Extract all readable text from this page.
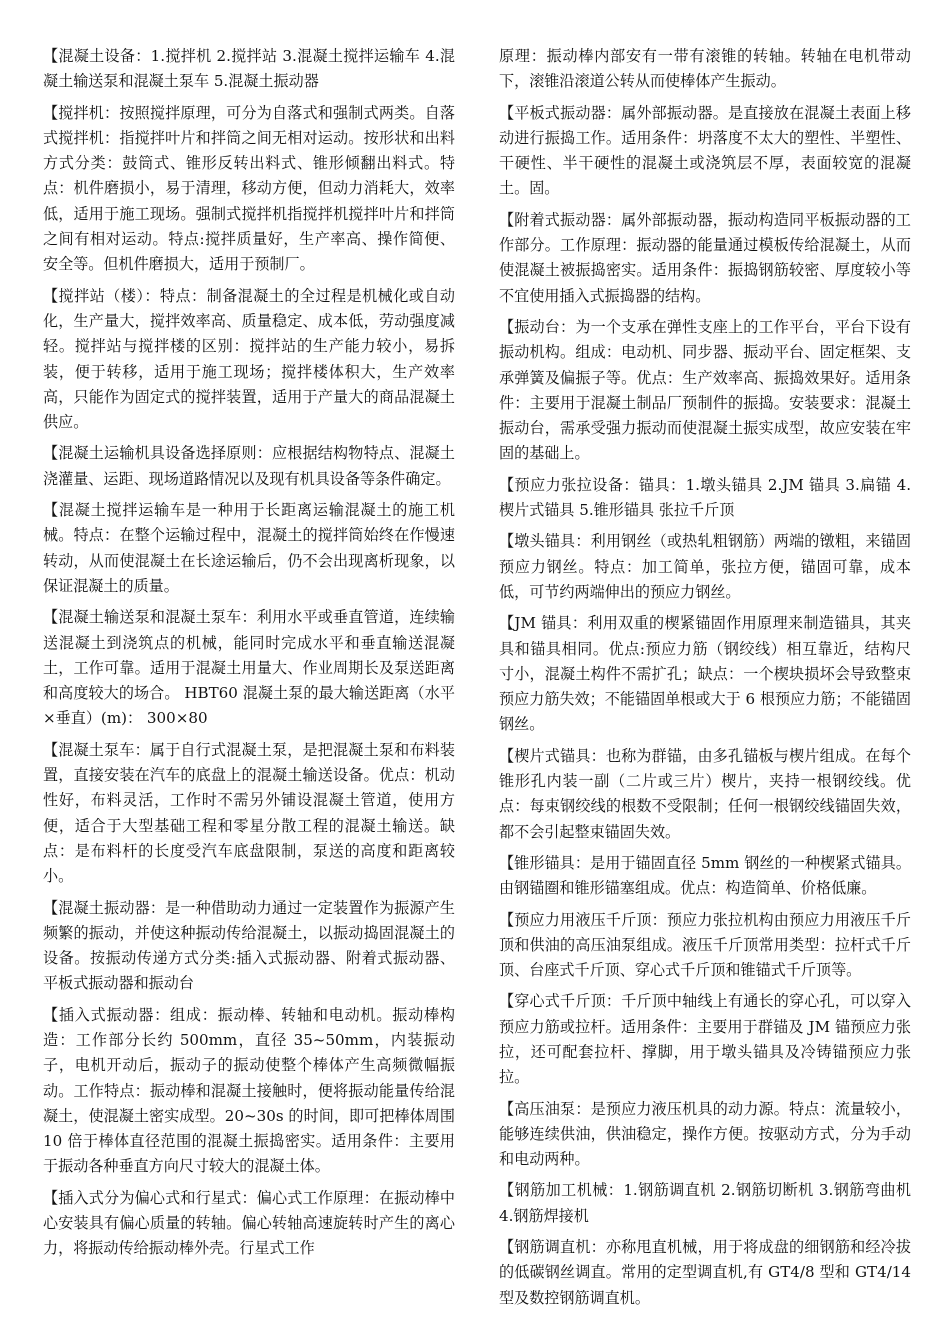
【混凝土设备：1.搅拌机 2.搅拌站 3.混凝土搅拌运输车 4.混凝土输送泵和混凝土泵车 5.混凝土振动器

【搅拌机：按照搅拌原理，可分为自落式和强制式两类。自落式搅拌机：指搅拌叶片和拌筒之间无相对运动。按形状和出料方式分类：鼓筒式、锥形反转出料式、锥形倾翻出料式。特点：机件磨损小，易于清理，移动方便，但动力消耗大，效率低，适用于施工现场。强制式搅拌机指搅拌机搅拌叶片和拌筒之间有相对运动。特点:搅拌质量好，生产率高、操作简便、安全等。但机件磨损大，适用于预制厂。

【搅拌站（楼）：特点：制备混凝土的全过程是机械化或自动化，生产量大，搅拌效率高、质量稳定、成本低，劳动强度减轻。搅拌站与搅拌楼的区别：搅拌站的生产能力较小，易拆装，便于转移，适用于施工现场；搅拌楼体积大，生产效率高，只能作为固定式的搅拌装置，适用于产量大的商品混凝土供应。

【混凝土运输机具设备选择原则：应根据结构物特点、混凝土浇灌量、运距、现场道路情况以及现有机具设备等条件确定。

【混凝土搅拌运输车是一种用于长距离运输混凝土的施工机械。特点：在整个运输过程中，混凝土的搅拌筒始终在作慢速转动，从而使混凝土在长途运输后，仍不会出现离析现象，以保证混凝土的质量。

【混凝土输送泵和混凝土泵车：利用水平或垂直管道，连续输送混凝土到浇筑点的机械，能同时完成水平和垂直输送混凝土，工作可靠。适用于混凝土用量大、作业周期长及泵送距离和高度较大的场合。 HBT60 混凝土泵的最大输送距离（水平×垂直）(m)： 300×80

【混凝土泵车：属于自行式混凝土泵，是把混凝土泵和布料装置，直接安装在汽车的底盘上的混凝土输送设备。优点：机动性好，布料灵活，工作时不需另外铺设混凝土管道，使用方便，适合于大型基础工程和零星分散工程的混凝土输送。缺点：是布料杆的长度受汽车底盘限制，泵送的高度和距离较小。

【混凝土振动器：是一种借助动力通过一定装置作为振源产生频繁的振动，并使这种振动传给混凝土，以振动捣固混凝土的设备。按振动传递方式分类:插入式振动器、附着式振动器、平板式振动器和振动台

【插入式振动器：组成：振动棒、转轴和电动机。振动棒构造：工作部分长约 500mm，直径 35~50mm，内装振动子，电机开动后，振动子的振动使整个棒体产生高频微幅振动。工作特点：振动棒和混凝土接触时，便将振动能量传给混凝土，使混凝土密实成型。20~30s 的时间，即可把棒体周围 10 倍于棒体直径范围的混凝土振捣密实。适用条件：主要用于振动各种垂直方向尺寸较大的混凝土体。

【插入式分为偏心式和行星式：偏心式工作原理：在振动棒中心安装具有偏心质量的转轴。偏心转轴高速旋转时产生的离心力，将振动传给振动棒外壳。行星式工作

原理：振动棒内部安有一带有滚锥的转轴。转轴在电机带动下，滚锥沿滚道公转从而使棒体产生振动。

【平板式振动器：属外部振动器。是直接放在混凝土表面上移动进行振捣工作。适用条件：坍落度不太大的塑性、半塑性、干硬性、半干硬性的混凝土或浇筑层不厚，表面较宽的混凝土。固。

【附着式振动器：属外部振动器，振动构造同平板振动器的工作部分。工作原理：振动器的能量通过模板传给混凝土，从而使混凝土被振捣密实。适用条件：振捣钢筋较密、厚度较小等不宜使用插入式振捣器的结构。

【振动台：为一个支承在弹性支座上的工作平台，平台下设有振动机构。组成：电动机、同步器、振动平台、固定框架、支承弹簧及偏振子等。优点：生产效率高、振捣效果好。适用条件：主要用于混凝土制品厂预制件的振捣。安装要求：混凝土振动台，需承受强力振动而使混凝土振实成型，故应安装在牢固的基础上。

【预应力张拉设备：锚具：1.墩头锚具 2.JM 锚具 3.扁锚 4.楔片式锚具 5.锥形锚具 张拉千斤顶

【墩头锚具：利用钢丝（或热轧粗钢筋）两端的镦粗，来锚固预应力钢丝。特点：加工简单，张拉方便，锚固可靠，成本低，可节约两端伸出的预应力钢丝。

【JM 锚具：利用双重的楔紧锚固作用原理来制造锚具，其夹具和锚具相同。优点:预应力筋（钢绞线）相互靠近，结构尺寸小，混凝土构件不需扩孔；缺点：一个楔块损坏会导致整束预应力筋失效；不能锚固单根或大于 6 根预应力筋；不能锚固钢丝。

【楔片式锚具：也称为群锚，由多孔锚板与楔片组成。在每个锥形孔内装一副（二片或三片）楔片，夹持一根钢绞线。优点：每束钢绞线的根数不受限制；任何一根钢绞线锚固失效，都不会引起整束锚固失效。

【锥形锚具：是用于锚固直径 5mm 钢丝的一种楔紧式锚具。由钢锚圈和锥形锚塞组成。优点：构造简单、价格低廉。

【预应力用液压千斤顶：预应力张拉机构由预应力用液压千斤顶和供油的高压油泵组成。液压千斤顶常用类型：拉杆式千斤顶、台座式千斤顶、穿心式千斤顶和锥锚式千斤顶等。

【穿心式千斤顶：千斤顶中轴线上有通长的穿心孔，可以穿入预应力筋或拉杆。适用条件：主要用于群锚及 JM 锚预应力张拉，还可配套拉杆、撑脚，用于墩头锚具及冷铸锚预应力张拉。

【高压油泵：是预应力液压机具的动力源。特点：流量较小，能够连续供油，供油稳定，操作方便。按驱动方式，分为手动和电动两种。

【钢筋加工机械：1.钢筋调直机 2.钢筋切断机 3.钢筋弯曲机 4.钢筋焊接机

【钢筋调直机：亦称甩直机械，用于将成盘的细钢筋和经冷拔的低碳钢丝调直。常用的定型调直机,有 GT4/8 型和 GT4/14 型及数控钢筋调直机。
